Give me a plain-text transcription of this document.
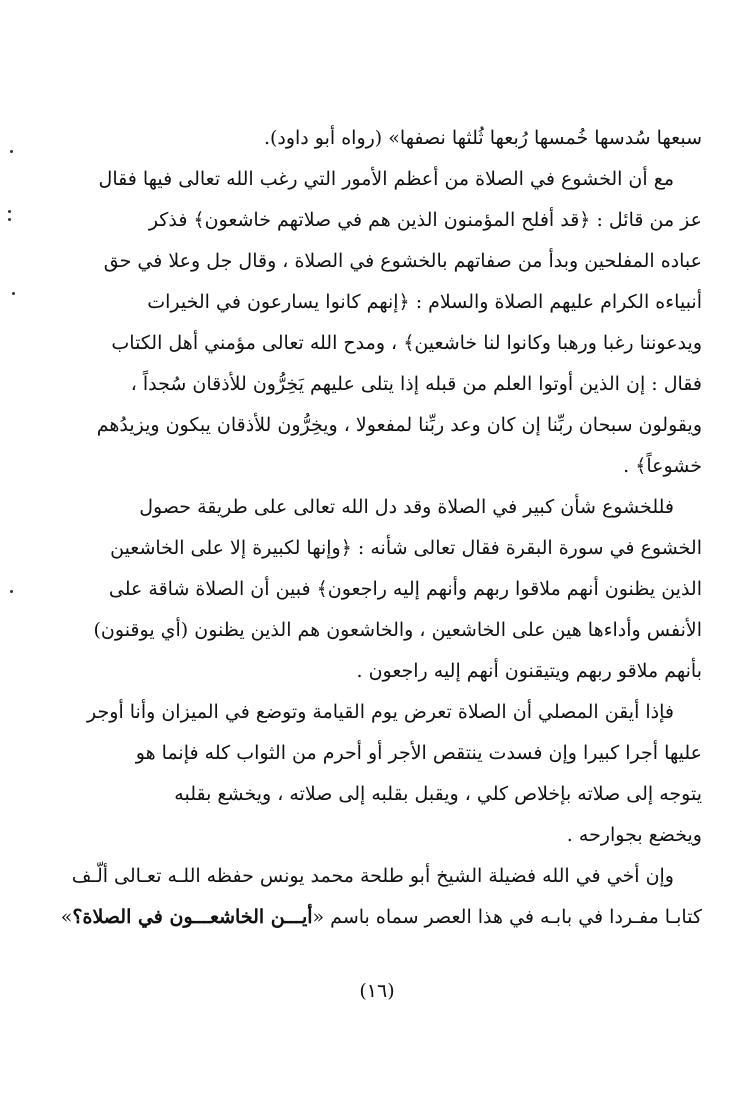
سبعها سُدسها خُمسها رُبعها ثُلثها نصفها» (رواه أبو داود).
مع أن الخشوع في الصلاة من أعظم الأمور التي رغب الله تعالى فيها فقال
عز من قائل : ﴿قد أفلح المؤمنون الذين هم في صلاتهم خاشعون﴾ فذكر
عباده المفلحين وبدأ من صفاتهم بالخشوع في الصلاة ، وقال جل وعلا في حق
أنبياءه الكرام عليهم الصلاة والسلام : ﴿إنهم كانوا يسارعون في الخيرات
ويدعوننا رغبا ورهبا وكانوا لنا خاشعين﴾ ، ومدح الله تعالى مؤمني أهل الكتاب
فقال : إن الذين أوتوا العلم من قبله إذا يتلى عليهم يَخِرُّون للأذقان سُجداً ،
ويقولون سبحان ربِّنا إن كان وعد ربِّنا لمفعولا ، ويخِرُّون للأذقان يبكون ويزيدُهم
خشوعاً﴾ .
فللخشوع شأن كبير في الصلاة وقد دل الله تعالى على طريقة حصول
الخشوع في سورة البقرة فقال تعالى شأنه : ﴿وإنها لكبيرة إلا على الخاشعين
الذين يظنون أنهم ملاقوا ربهم وأنهم إليه راجعون﴾ فبين أن الصلاة شاقة على
الأنفس وأداءها هين على الخاشعين ، والخاشعون هم الذين يظنون (أي يوقنون)
بأنهم ملاقو ربهم ويتيقنون أنهم إليه راجعون .
فإذا أيقن المصلي أن الصلاة تعرض يوم القيامة وتوضع في الميزان وأنا أوجر
عليها أجرا كبيرا وإن فسدت ينتقص الأجر أو أحرم من الثواب كله فإنما هو
يتوجه إلى صلاته بإخلاص كلي ، ويقبل بقلبه إلى صلاته ، ويخشع بقلبه
ويخضع بجوارحه .
وإن أخي في الله فضيلة الشيخ أبو طلحة محمد يونس حفظه اللـه تعـالى ألّـف
كتابـا مفـردا في بابـه في هذا العصر سماه باسم «أيـــن الخاشعـــون في الصلاة؟»
(١٦)
